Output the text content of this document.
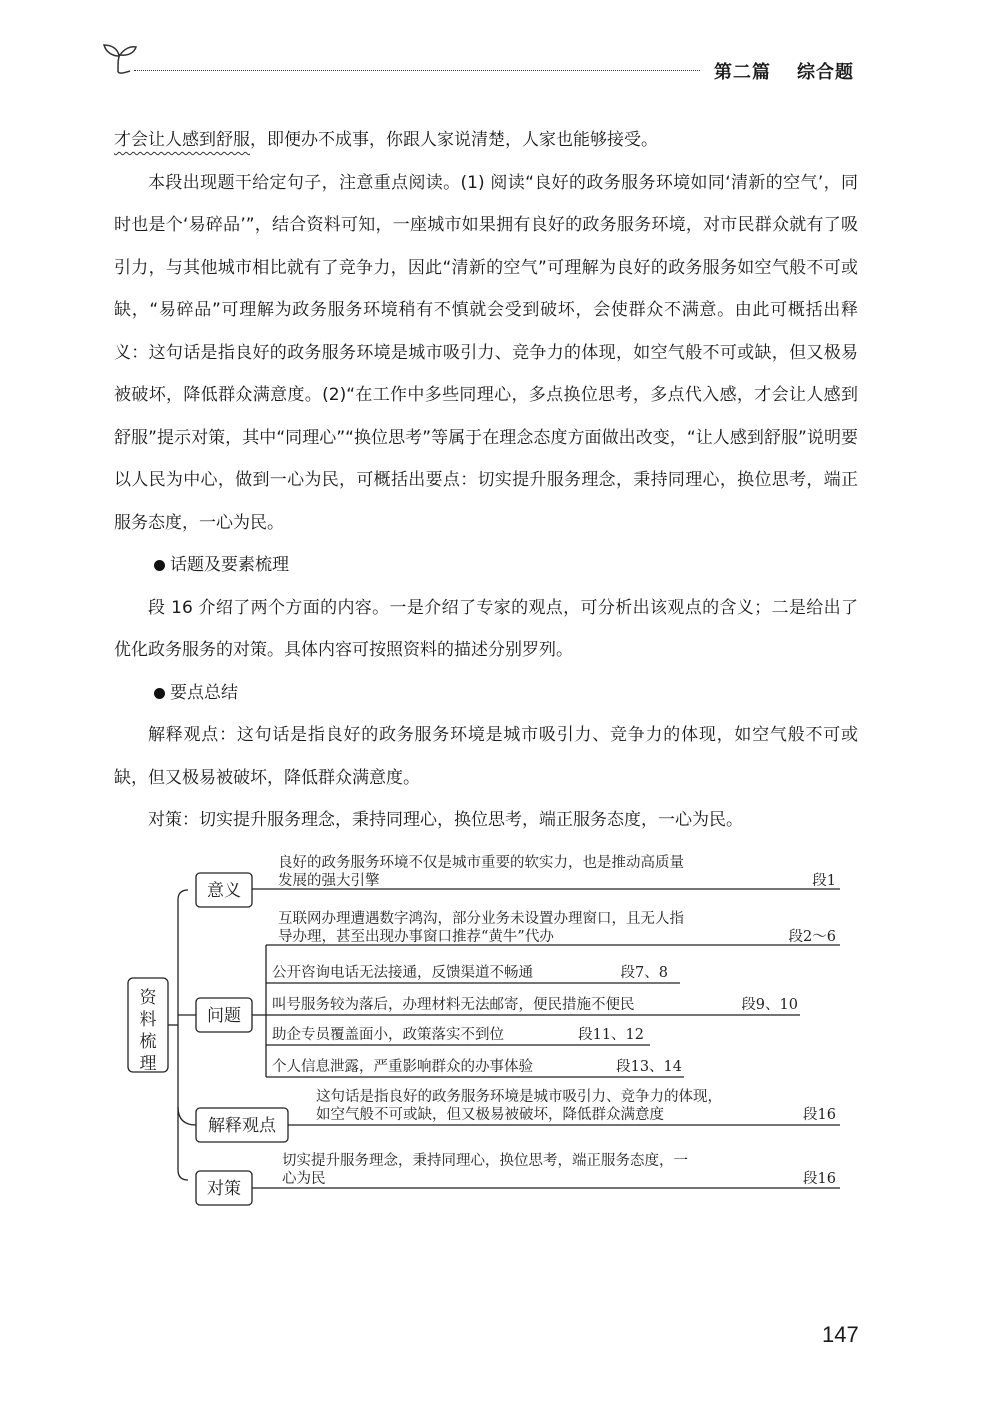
第二篇 综合题

才会让人感到舒服，即便办不成事，你跟人家说清楚，人家也能够接受。

本段出现题干给定句子，注意重点阅读。(1) 阅读“良好的政务服务环境如同‘清新的空气’，同时也是个‘易碎品’”，结合资料可知，一座城市如果拥有良好的政务服务环境，对市民群众就有了吸引力，与其他城市相比就有了竞争力，因此“清新的空气”可理解为良好的政务服务如空气般不可或缺，“易碎品”可理解为政务服务环境稍有不慎就会受到破坏，会使群众不满意。由此可概括出释义：这句话是指良好的政务服务环境是城市吸引力、竞争力的体现，如空气般不可或缺，但又极易被破坏，降低群众满意度。(2)“在工作中多些同理心，多点换位思考，多点代入感，才会让人感到舒服”提示对策，其中“同理心”“换位思考”等属于在理念态度方面做出改变，“让人感到舒服”说明要以人民为中心，做到一心为民，可概括出要点：切实提升服务理念，秉持同理心，换位思考，端正服务态度，一心为民。

话题及要素梳理

段 16 介绍了两个方面的内容。一是介绍了专家的观点，可分析出该观点的含义；二是给出了优化政务服务的对策。具体内容可按照资料的描述分别罗列。

要点总结

解释观点：这句话是指良好的政务服务环境是城市吸引力、竞争力的体现，如空气般不可或缺，但又极易被破坏，降低群众满意度。

对策：切实提升服务理念，秉持同理心，换位思考，端正服务态度，一心为民。

资
料
梳
理
意义
问题
解释观点
对策
良好的政务服务环境不仅是城市重要的软实力，也是推动高质量
发展的强大引擎	段1
互联网办理遭遇数字鸿沟，部分业务未设置办理窗口，且无人指
导办理，甚至出现办事窗口推荐“黄牛”代办	段2～6
公开咨询电话无法接通，反馈渠道不畅通	段7、8
叫号服务较为落后，办理材料无法邮寄，便民措施不便民	段9、10
助企专员覆盖面小，政策落实不到位	段11、12
个人信息泄露，严重影响群众的办事体验	段13、14
这句话是指良好的政务服务环境是城市吸引力、竞争力的体现，
如空气般不可或缺，但又极易被破坏，降低群众满意度	段16
切实提升服务理念，秉持同理心，换位思考，端正服务态度，一
心为民	段16
147
